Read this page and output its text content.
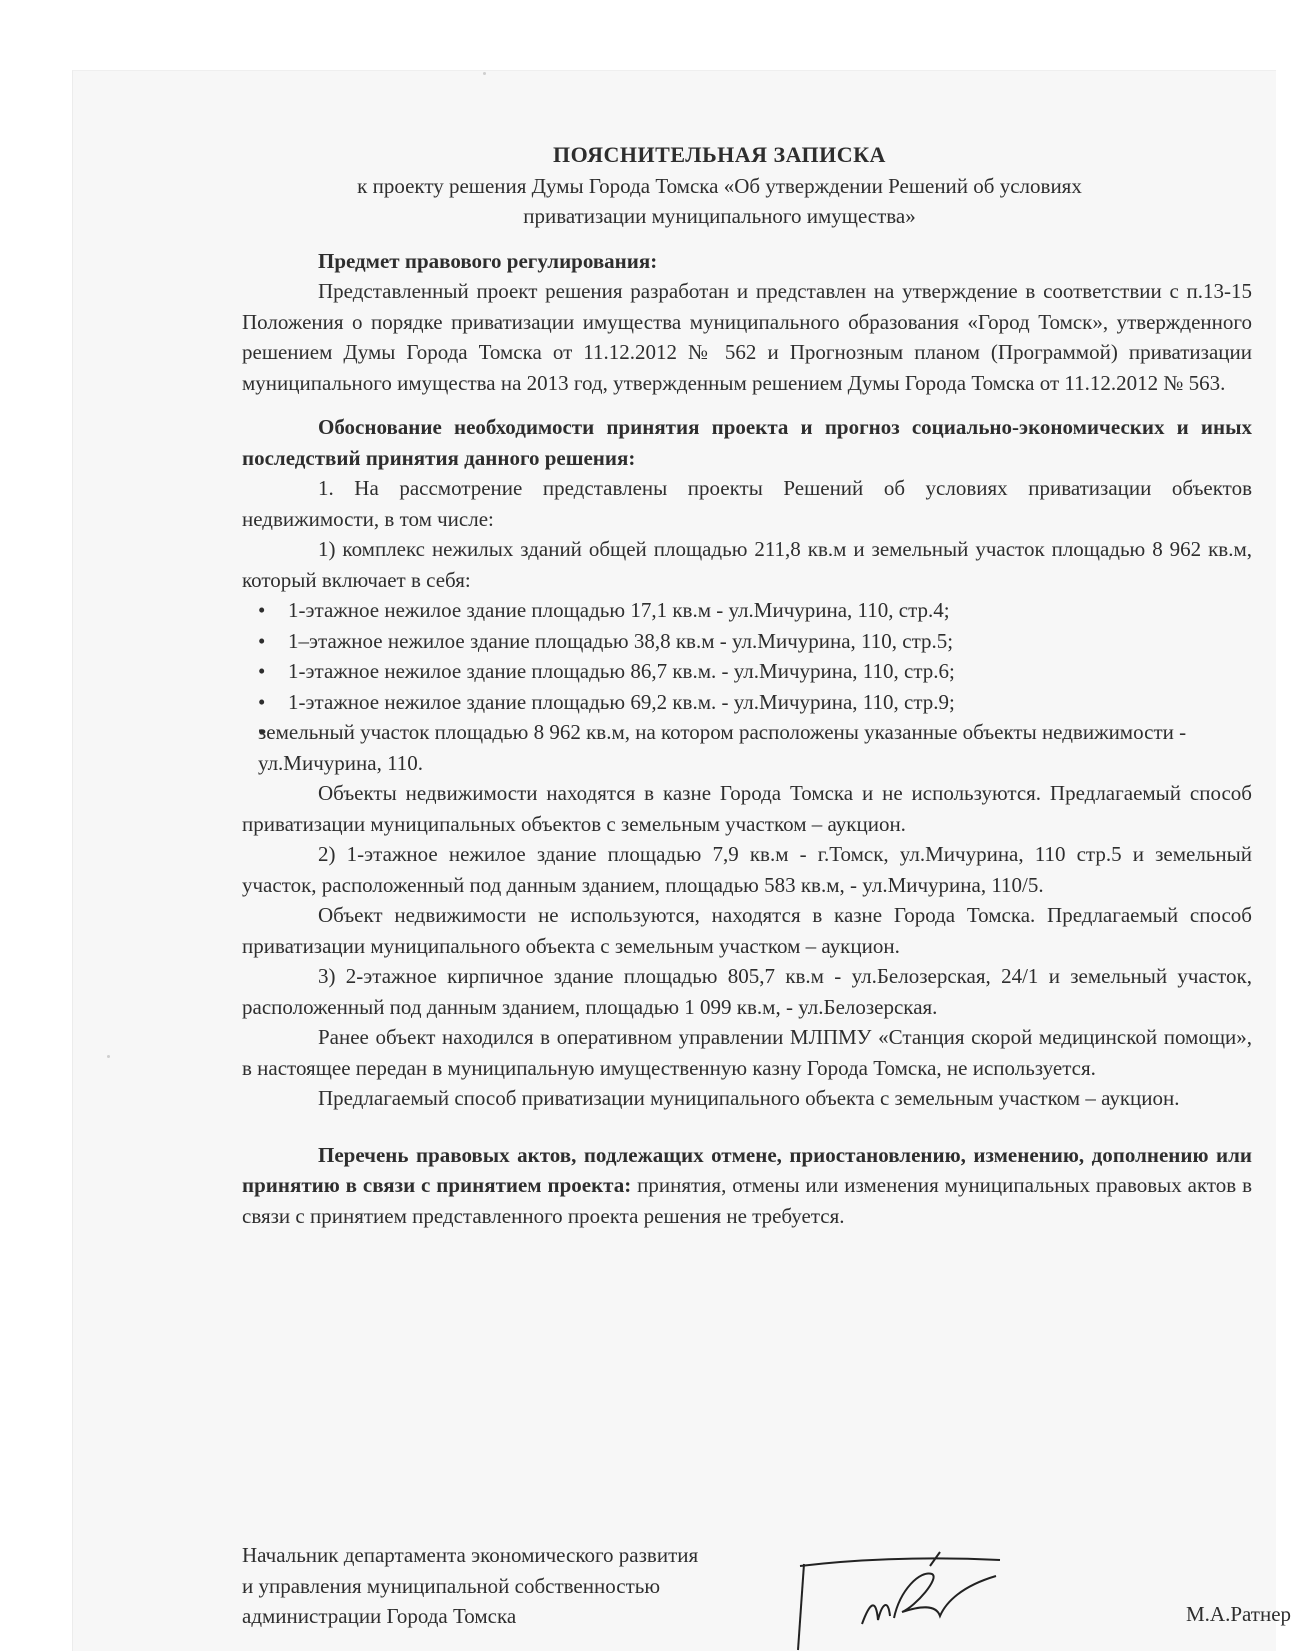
ПОЯСНИТЕЛЬНАЯ ЗАПИСКА
к проекту решения Думы Города Томска «Об утверждении Решений об условиях
приватизации муниципального имущества»

Предмет правового регулирования:

Представленный проект решения разработан и представлен на утверждение в соответствии с п.13-15 Положения о порядке приватизации имущества муниципального образования «Город Томск», утвержденного решением Думы Города Томска от 11.12.2012 № 562 и Прогнозным планом (Программой) приватизации муниципального имущества на 2013 год, утвержденным решением Думы Города Томска от 11.12.2012 № 563.

Обоснование необходимости принятия проекта и прогноз социально-экономических и иных последствий принятия данного решения:

1. На рассмотрение представлены проекты Решений об условиях приватизации объектов недвижимости, в том числе:

1) комплекс нежилых зданий общей площадью 211,8 кв.м и земельный участок площадью 8 962 кв.м, который включает в себя:

• 1-этажное нежилое здание площадью 17,1 кв.м - ул.Мичурина, 110, стр.4;
• 1–этажное нежилое здание площадью 38,8 кв.м - ул.Мичурина, 110, стр.5;
• 1-этажное нежилое здание площадью 86,7 кв.м. - ул.Мичурина, 110, стр.6;
• 1-этажное нежилое здание площадью 69,2 кв.м. - ул.Мичурина, 110, стр.9;
• земельный участок площадью 8 962 кв.м, на котором расположены указанные объекты недвижимости - ул.Мичурина, 110.

Объекты недвижимости находятся в казне Города Томска и не используются. Предлагаемый способ приватизации муниципальных объектов с земельным участком – аукцион.

2) 1-этажное нежилое здание площадью 7,9 кв.м - г.Томск, ул.Мичурина, 110 стр.5 и земельный участок, расположенный под данным зданием, площадью 583 кв.м, - ул.Мичурина, 110/5.

Объект недвижимости не используются, находятся в казне Города Томска. Предлагаемый способ приватизации муниципального объекта с земельным участком – аукцион.

3) 2-этажное кирпичное здание площадью 805,7 кв.м - ул.Белозерская, 24/1 и земельный участок, расположенный под данным зданием, площадью 1 099 кв.м, - ул.Белозерская.

Ранее объект находился в оперативном управлении МЛПМУ «Станция скорой медицинской помощи», в настоящее передан в муниципальную имущественную казну Города Томска, не используется.

Предлагаемый способ приватизации муниципального объекта с земельным участком – аукцион.

Перечень правовых актов, подлежащих отмене, приостановлению, изменению, дополнению или принятию в связи с принятием проекта: принятия, отмены или изменения муниципальных правовых актов в связи с принятием представленного проекта решения не требуется.

Начальник департамента экономического развития
и управления муниципальной собственностью
администрации Города Томска	М.А.Ратнер
